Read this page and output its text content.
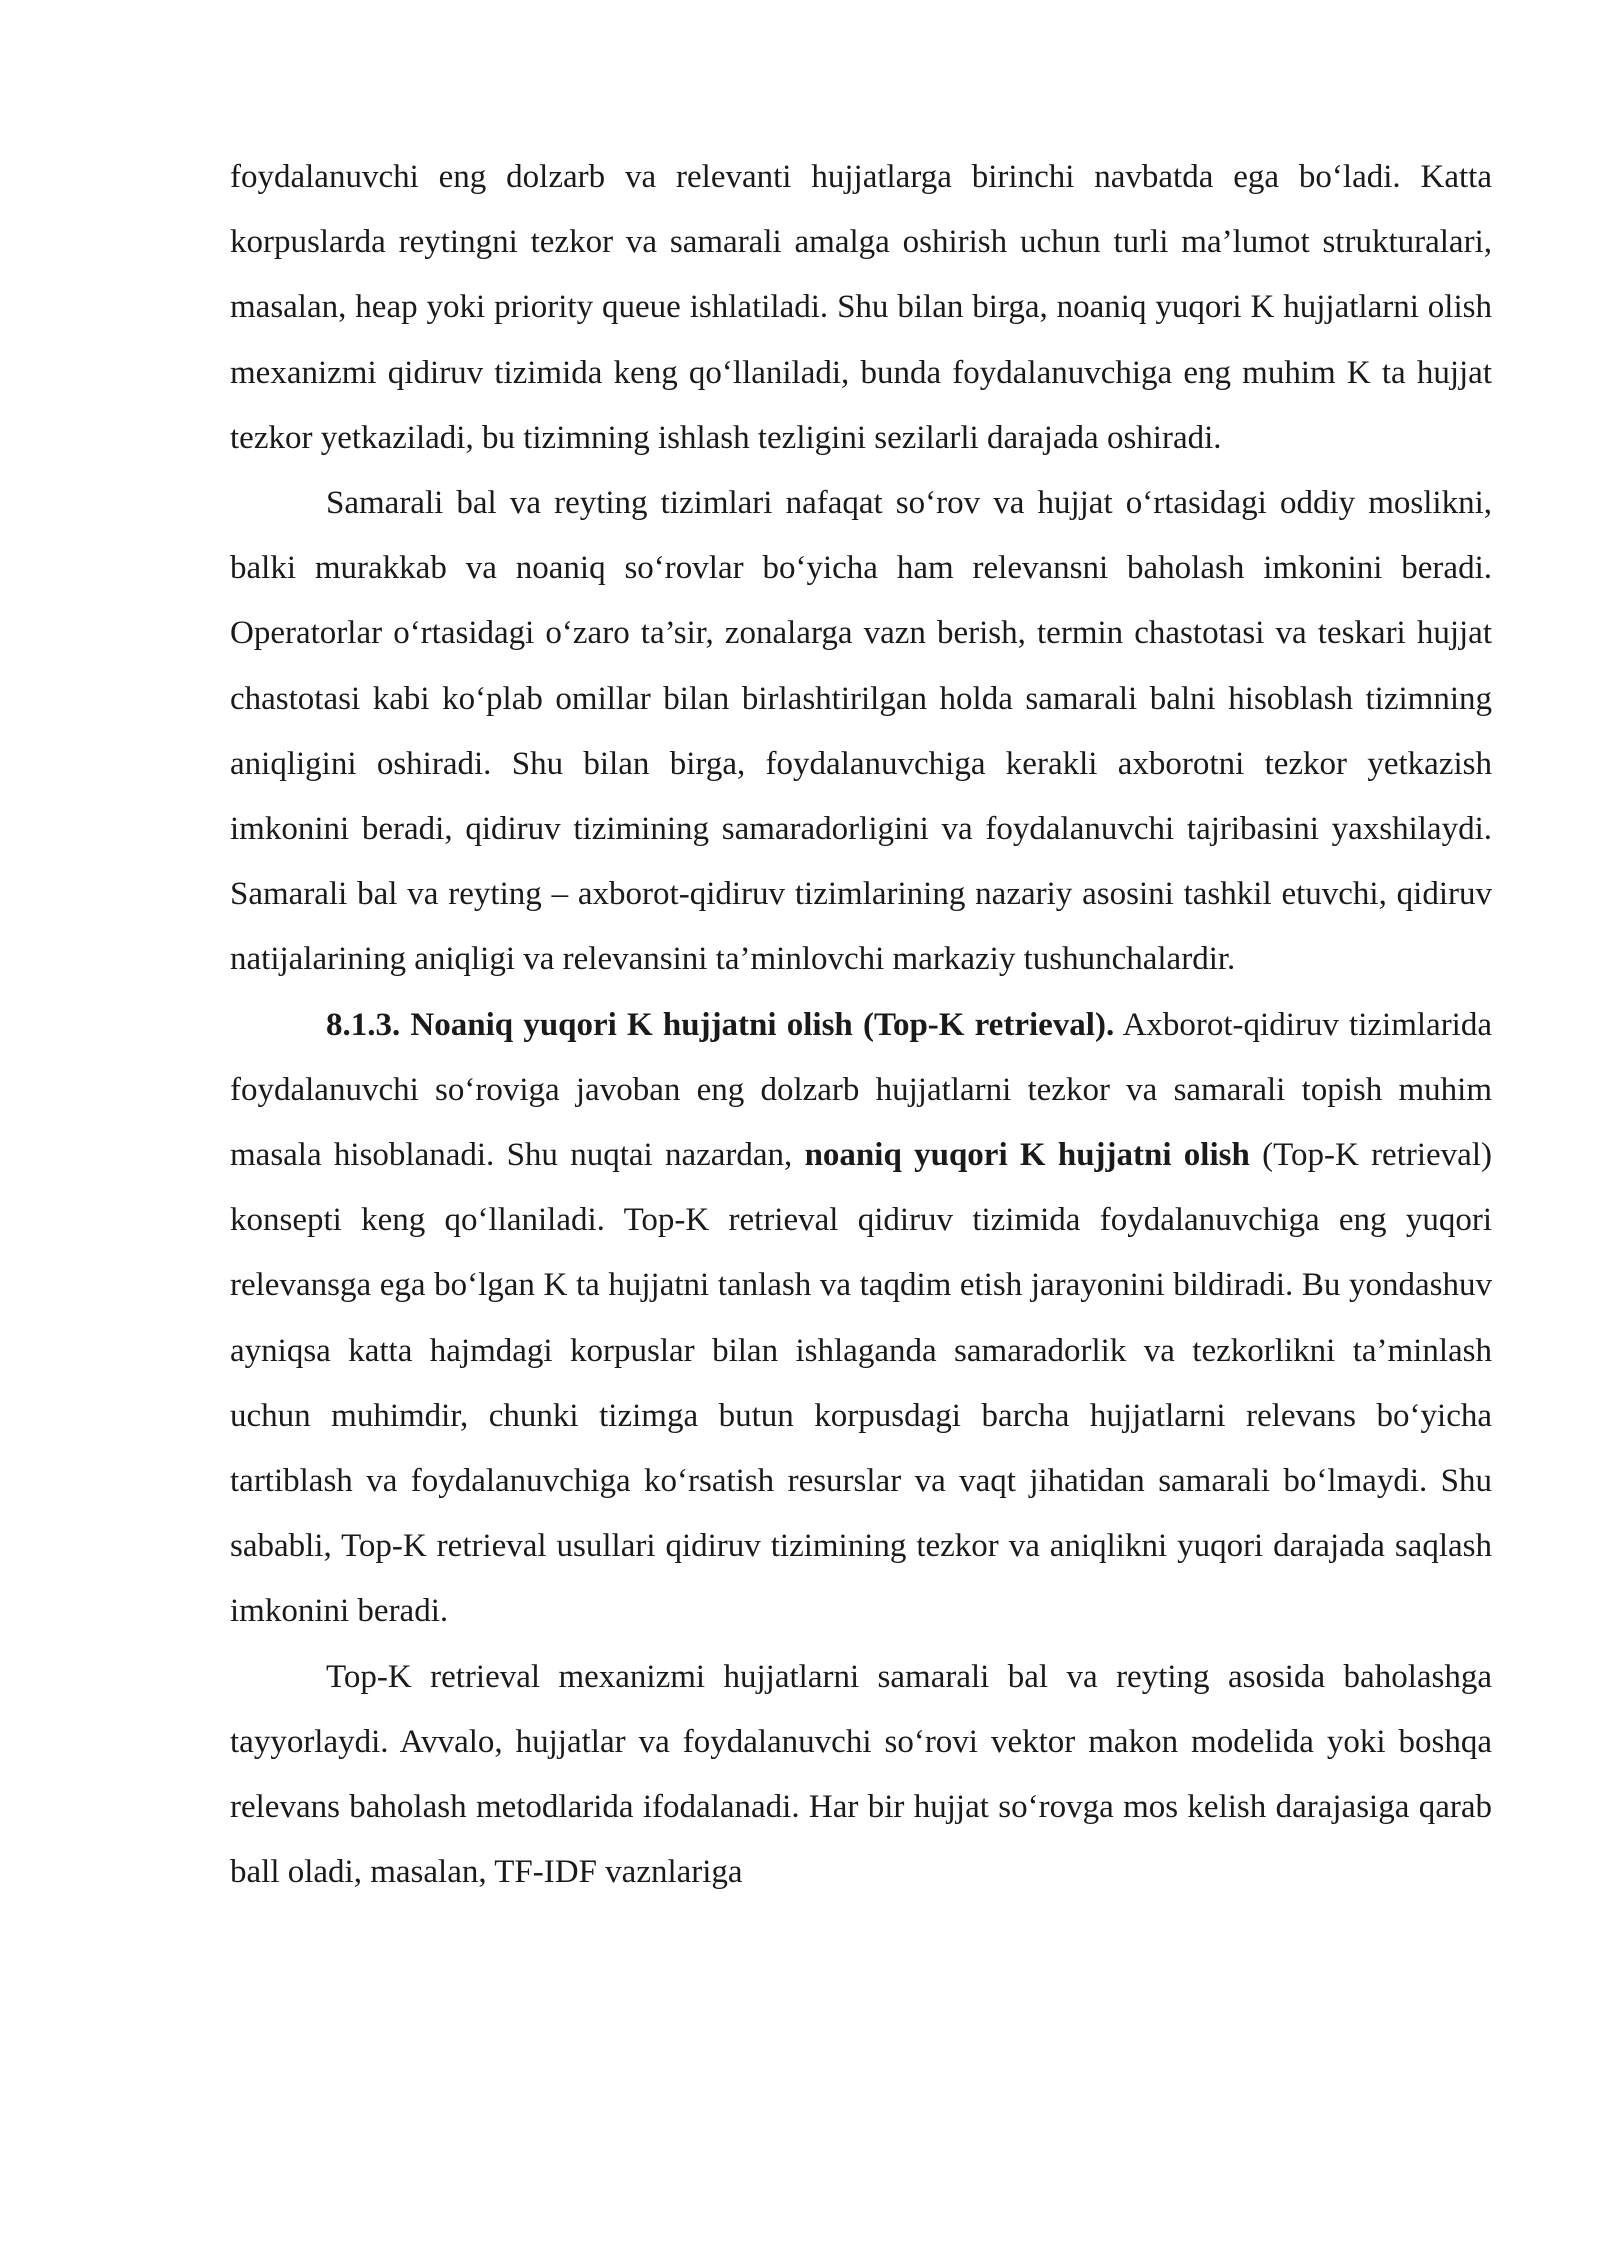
foydalanuvchi eng dolzarb va relevanti hujjatlarga birinchi navbatda ega bo‘ladi. Katta korpuslarda reytingni tezkor va samarali amalga oshirish uchun turli ma’lumot strukturalari, masalan, heap yoki priority queue ishlatiladi. Shu bilan birga, noaniq yuqori K hujjatlarni olish mexanizmi qidiruv tizimida keng qo‘llaniladi, bunda foydalanuvchiga eng muhim K ta hujjat tezkor yetkaziladi, bu tizimning ishlash tezligini sezilarli darajada oshiradi.

Samarali bal va reyting tizimlari nafaqat so‘rov va hujjat o‘rtasidagi oddiy moslikni, balki murakkab va noaniq so‘rovlar bo‘yicha ham relevansni baholash imkonini beradi. Operatorlar o‘rtasidagi o‘zaro ta’sir, zonalarga vazn berish, termin chastotasi va teskari hujjat chastotasi kabi ko‘plab omillar bilan birlashtirilgan holda samarali balni hisoblash tizimning aniqligini oshiradi. Shu bilan birga, foydalanuvchiga kerakli axborotni tezkor yetkazish imkonini beradi, qidiruv tizimining samaradorligini va foydalanuvchi tajribasini yaxshilaydi. Samarali bal va reyting – axborot-qidiruv tizimlarining nazariy asosini tashkil etuvchi, qidiruv natijalarining aniqligi va relevansini ta’minlovchi markaziy tushunchalardir.

8.1.3. Noaniq yuqori K hujjatni olish (Top-K retrieval). Axborot-qidiruv tizimlarida foydalanuvchi so‘roviga javoban eng dolzarb hujjatlarni tezkor va samarali topish muhim masala hisoblanadi. Shu nuqtai nazardan, noaniq yuqori K hujjatni olish (Top-K retrieval) konsepti keng qo‘llaniladi. Top-K retrieval qidiruv tizimida foydalanuvchiga eng yuqori relevansga ega bo‘lgan K ta hujjatni tanlash va taqdim etish jarayonini bildiradi. Bu yondashuv ayniqsa katta hajmdagi korpuslar bilan ishlaganda samaradorlik va tezkorlikni ta’minlash uchun muhimdir, chunki tizimga butun korpusdagi barcha hujjatlarni relevans bo‘yicha tartiblash va foydalanuvchiga ko‘rsatish resurslar va vaqt jihatidan samarali bo‘lmaydi. Shu sababli, Top-K retrieval usullari qidiruv tizimining tezkor va aniqlikni yuqori darajada saqlash imkonini beradi.

Top-K retrieval mexanizmi hujjatlarni samarali bal va reyting asosida baholashga tayyorlaydi. Avvalo, hujjatlar va foydalanuvchi so‘rovi vektor makon modelida yoki boshqa relevans baholash metodlarida ifodalanadi. Har bir hujjat so‘rovga mos kelish darajasiga qarab ball oladi, masalan, TF-IDF vaznlariga
